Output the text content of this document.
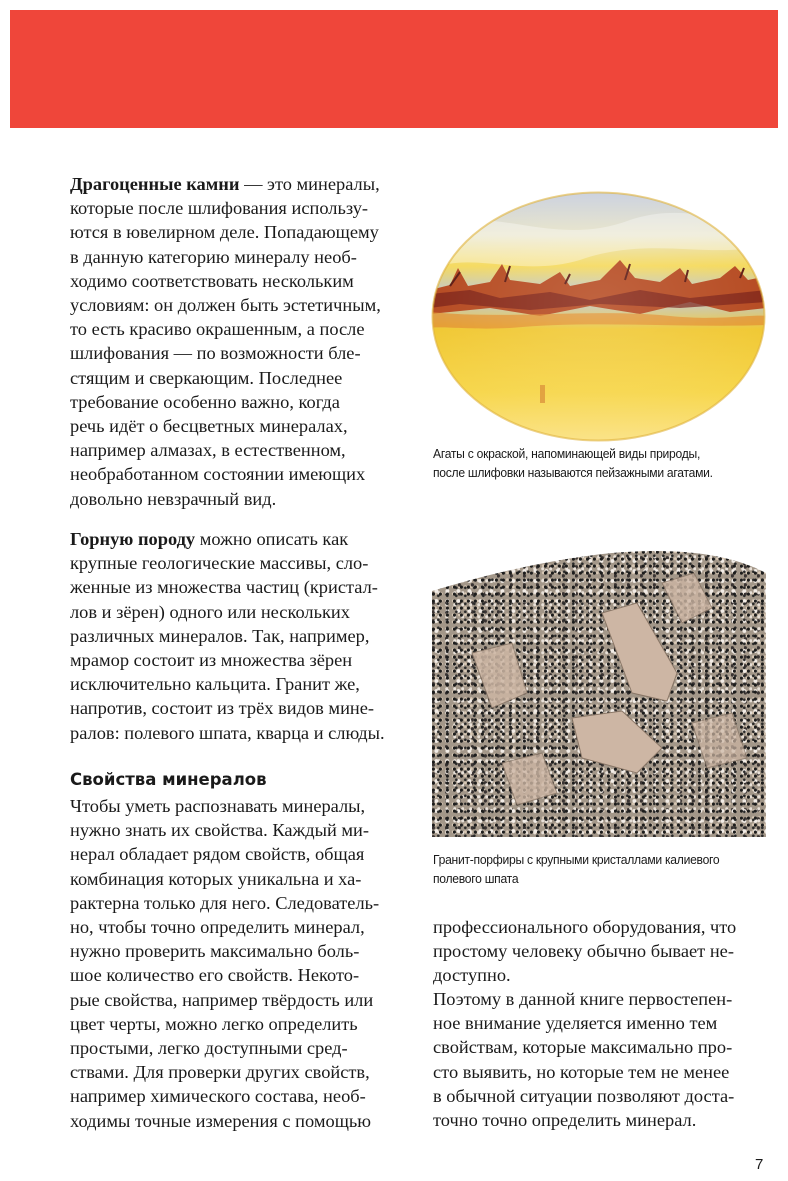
Драгоценные камни — это минералы,
которые после шлифования использу-
ются в ювелирном деле. Попадающему
в данную категорию минералу необ-
ходимо соответствовать нескольким
условиям: он должен быть эстетичным,
то есть красиво окрашенным, а после
шлифования — по возможности бле-
стящим и сверкающим. Последнее
требование особенно важно, когда
речь идёт о бесцветных минералах,
например алмазах, в естественном,
необработанном состоянии имеющих
довольно невзрачный вид.
Горную породу можно описать как
крупные геологические массивы, сло-
женные из множества частиц (кристал-
лов и зёрен) одного или нескольких
различных минералов. Так, например,
мрамор состоит из множества зёрен
исключительно кальцита. Гранит же,
напротив, состоит из трёх видов мине-
ралов: полевого шпата, кварца и слюды.
Свойства минералов
Чтобы уметь распознавать минералы,
нужно знать их свойства. Каждый ми-
нерал обладает рядом свойств, общая
комбинация которых уникальна и ха-
рактерна только для него. Следователь-
но, чтобы точно определить минерал,
нужно проверить максимально боль-
шое количество его свойств. Некото-
рые свойства, например твёрдость или
цвет черты, можно легко определить
простыми, легко доступными сред-
ствами. Для проверки других свойств,
например химического состава, необ-
ходимы точные измерения с помощью
профессионального оборудования, что
простому человеку обычно бывает не-
доступно.
Поэтому в данной книге первостепен-
ное внимание уделяется именно тем
свойствам, которые максимально про-
сто выявить, но которые тем не менее
в обычной ситуации позволяют доста-
точно точно определить минерал.
Агаты с окраской, напоминающей виды природы,
после шлифовки называются пейзажными агатами.
Гранит-порфиры с крупными кристаллами калиевого
полевого шпата
7
